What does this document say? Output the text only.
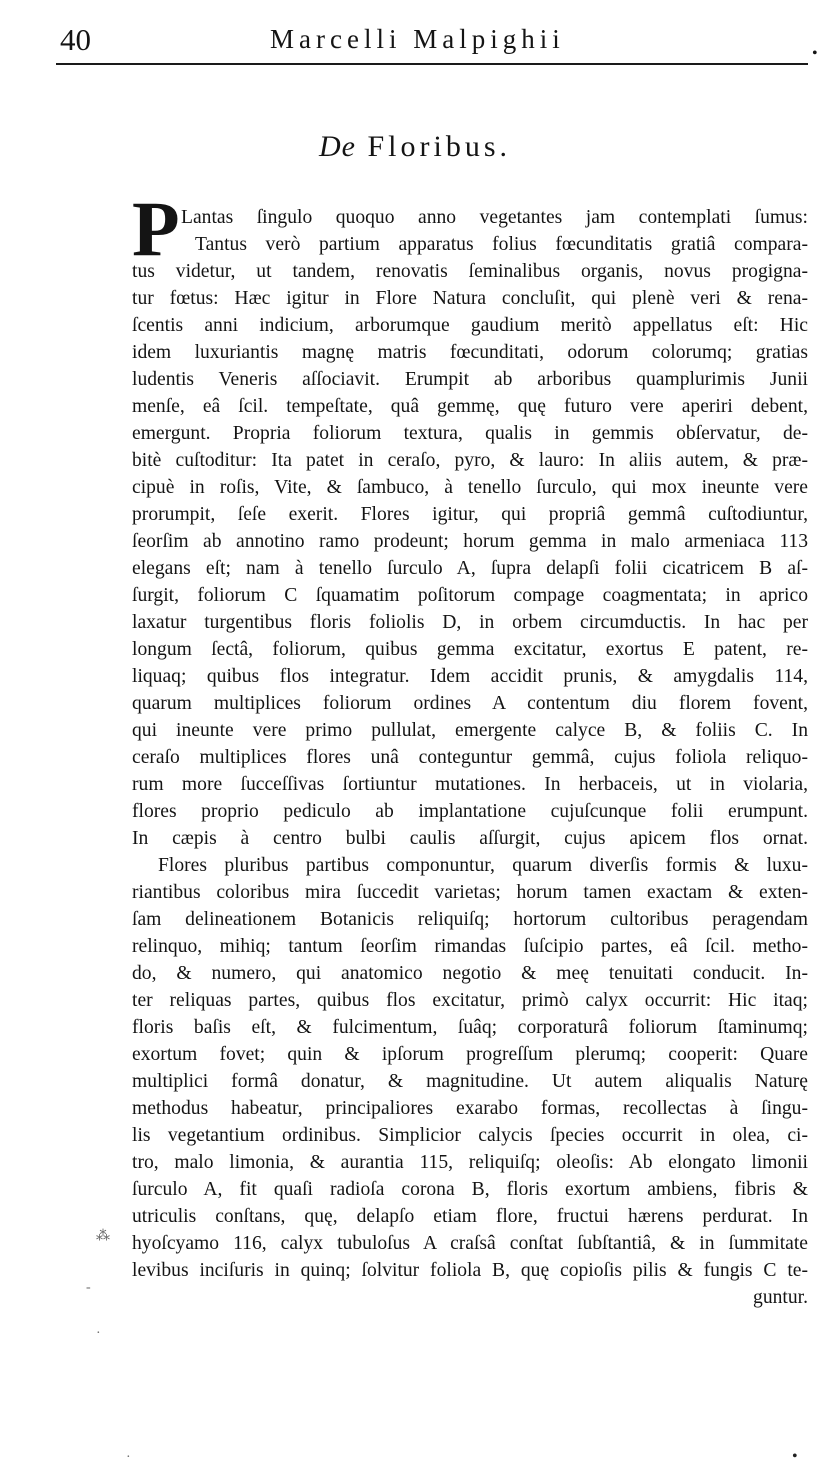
40	Marcelli Malpighii	•
De Floribus.
P Lantas ſingulo quoquo anno vegetantes jam contemplati ſumus:
Tantus verò partium apparatus folius fœcunditatis gratiâ compara-
tus videtur, ut tandem, renovatis ſeminalibus organis, novus progigna-
tur fœtus: Hæc igitur in Flore Natura concluſit, qui plenè veri & rena-
ſcentis anni indicium, arborumque gaudium meritò appellatus eſt: Hic
idem luxuriantis magnę matris fœcunditati, odorum colorumq; gratias
ludentis Veneris aſſociavit. Erumpit ab arboribus quamplurimis Junii
menſe, eâ ſcil. tempeſtate, quâ gemmę, quę futuro vere aperiri debent,
emergunt. Propria foliorum textura, qualis in gemmis obſervatur, de-
bitè cuſtoditur: Ita patet in ceraſo, pyro, & lauro: In aliis autem, & præ-
cipuè in roſis, Vite, & ſambuco, à tenello ſurculo, qui mox ineunte vere
prorumpit, ſeſe exerit. Flores igitur, qui propriâ gemmâ cuſtodiuntur,
ſeorſim ab annotino ramo prodeunt; horum gemma in malo armeniaca 113
elegans eſt; nam à tenello ſurculo A, ſupra delapſi folii cicatricem B aſ-
ſurgit, foliorum C ſquamatim poſitorum compage coagmentata; in aprico
laxatur turgentibus floris foliolis D, in orbem circumductis. In hac per
longum ſectâ, foliorum, quibus gemma excitatur, exortus E patent, re-
liquaq; quibus flos integratur. Idem accidit prunis, & amygdalis 114,
quarum multiplices foliorum ordines A contentum diu florem fovent,
qui ineunte vere primo pullulat, emergente calyce B, & foliis C. In
ceraſo multiplices flores unâ conteguntur gemmâ, cujus foliola reliquo-
rum more ſucceſſivas ſortiuntur mutationes. In herbaceis, ut in violaria,
flores proprio pediculo ab implantatione cujuſcunque folii erumpunt.
In cæpis à centro bulbi caulis aſſurgit, cujus apicem flos ornat.
Flores pluribus partibus componuntur, quarum diverſis formis & luxu-
riantibus coloribus mira ſuccedit varietas; horum tamen exactam & exten-
ſam delineationem Botanicis reliquiſq; hortorum cultoribus peragendam
relinquo, mihiq; tantum ſeorſim rimandas ſuſcipio partes, eâ ſcil. metho-
do, & numero, qui anatomico negotio & meę tenuitati conducit. In-
ter reliquas partes, quibus flos excitatur, primò calyx occurrit: Hic itaq;
floris baſis eſt, & fulcimentum, ſuâq; corporaturâ foliorum ſtaminumq;
exortum fovet; quin & ipſorum progreſſum plerumq; cooperit: Quare
multiplici formâ donatur, & magnitudine. Ut autem aliqualis Naturę
methodus habeatur, principaliores exarabo formas, recollectas à ſingu-
lis vegetantium ordinibus. Simplicior calycis ſpecies occurrit in olea, ci-
tro, malo limonia, & aurantia 115, reliquiſq; oleoſis: Ab elongato limonii
ſurculo A, fit quaſi radioſa corona B, floris exortum ambiens, fibris &
utriculis conſtans, quę, delapſo etiam flore, fructui hærens perdurat. In
hyoſcyamo 116, calyx tubuloſus A craſsâ conſtat ſubſtantiâ, & in ſummitate
levibus inciſuris in quinq; ſolvitur foliola B, quę copioſis pilis & fungis C te-
guntur.
⁂
-
·
·	•
